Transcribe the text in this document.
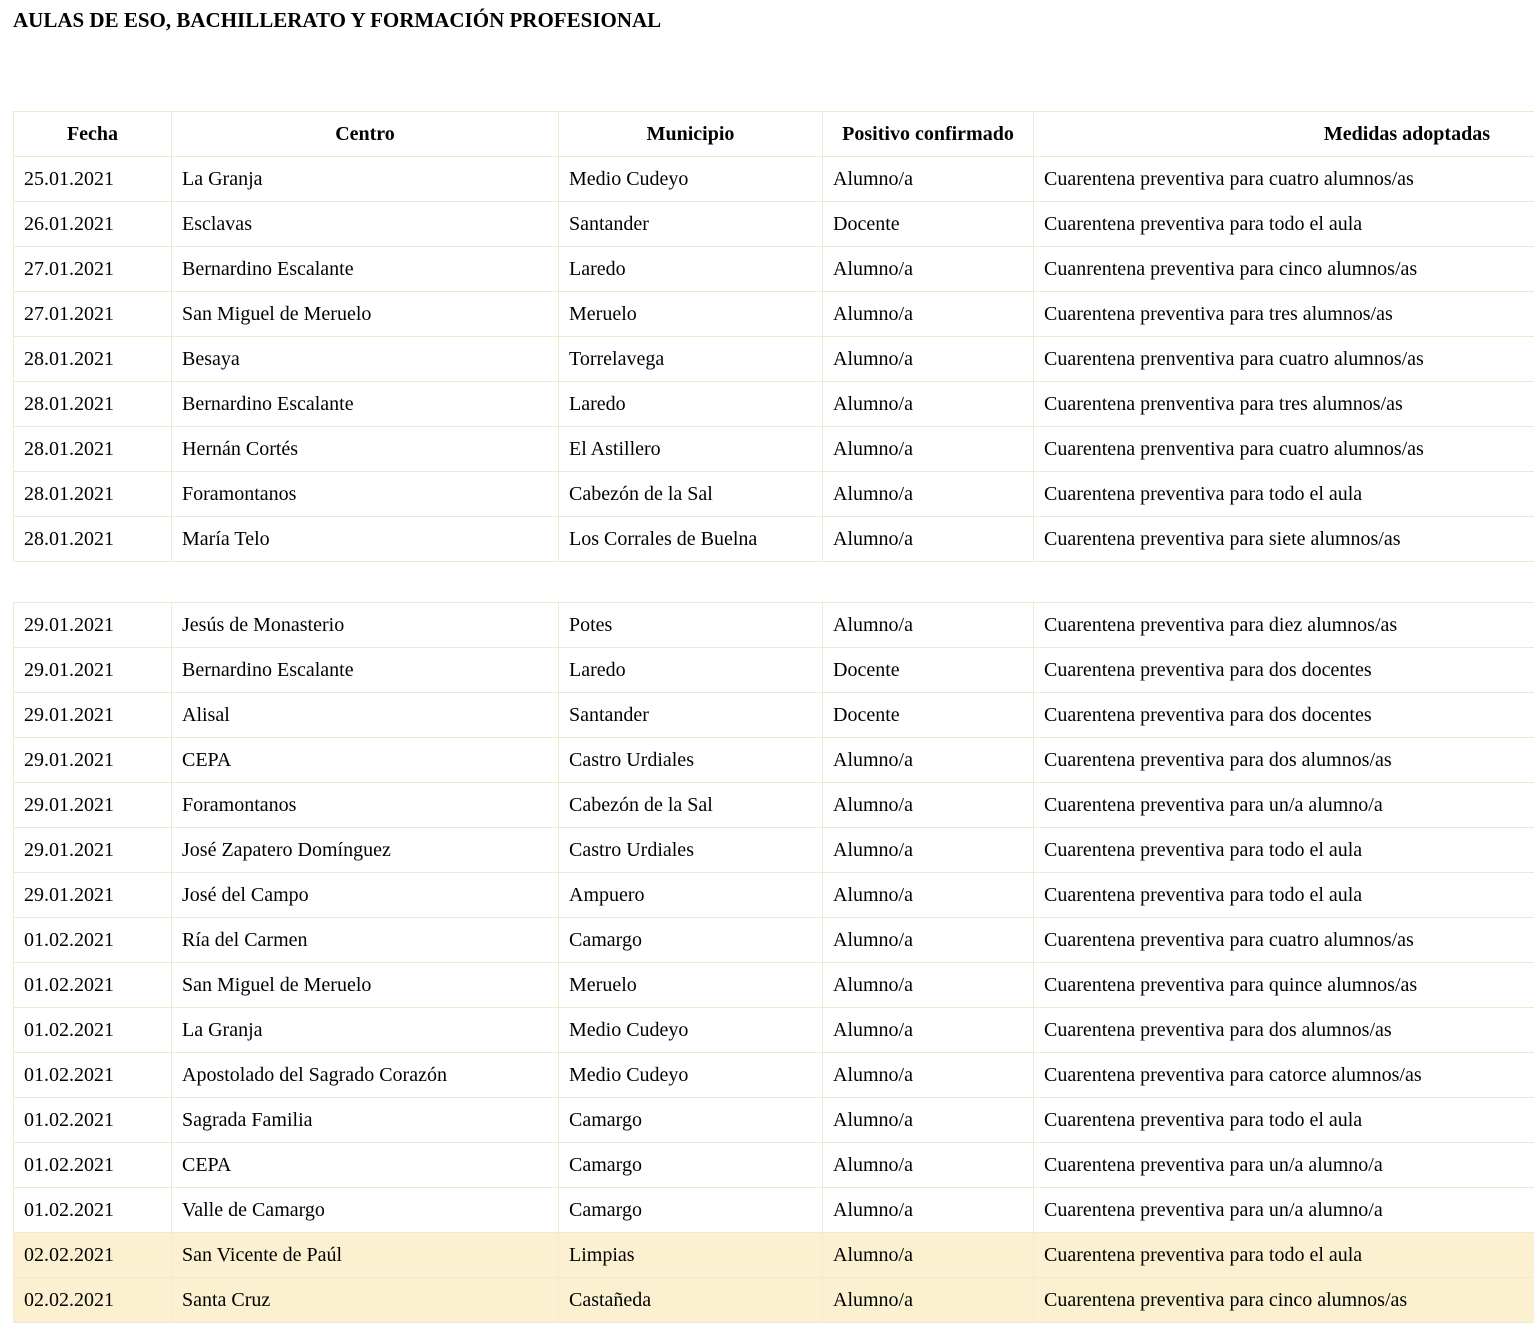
AULAS DE ESO, BACHILLERATO Y FORMACIÓN PROFESIONAL
Fecha	Centro	Municipio	Positivo confirmado	Medidas adoptadas
25.01.2021	La Granja	Medio Cudeyo	Alumno/a	Cuarentena preventiva para cuatro alumnos/as
26.01.2021	Esclavas	Santander	Docente	Cuarentena preventiva para todo el aula
27.01.2021	Bernardino Escalante	Laredo	Alumno/a	Cuanrentena preventiva para cinco alumnos/as
27.01.2021	San Miguel de Meruelo	Meruelo	Alumno/a	Cuarentena preventiva para tres alumnos/as
28.01.2021	Besaya	Torrelavega	Alumno/a	Cuarentena prenventiva para cuatro alumnos/as
28.01.2021	Bernardino Escalante	Laredo	Alumno/a	Cuarentena prenventiva para tres alumnos/as
28.01.2021	Hernán Cortés	El Astillero	Alumno/a	Cuarentena prenventiva para cuatro alumnos/as
28.01.2021	Foramontanos	Cabezón de la Sal	Alumno/a	Cuarentena preventiva para todo el aula
28.01.2021	María Telo	Los Corrales de Buelna	Alumno/a	Cuarentena preventiva para siete alumnos/as
29.01.2021	Jesús de Monasterio	Potes	Alumno/a	Cuarentena preventiva para diez alumnos/as
29.01.2021	Bernardino Escalante	Laredo	Docente	Cuarentena preventiva para dos docentes
29.01.2021	Alisal	Santander	Docente	Cuarentena preventiva para dos docentes
29.01.2021	CEPA	Castro Urdiales	Alumno/a	Cuarentena preventiva para dos alumnos/as
29.01.2021	Foramontanos	Cabezón de la Sal	Alumno/a	Cuarentena preventiva para un/a alumno/a
29.01.2021	José Zapatero Domínguez	Castro Urdiales	Alumno/a	Cuarentena preventiva para todo el aula
29.01.2021	José del Campo	Ampuero	Alumno/a	Cuarentena preventiva para todo el aula
01.02.2021	Ría del Carmen	Camargo	Alumno/a	Cuarentena preventiva para cuatro alumnos/as
01.02.2021	San Miguel de Meruelo	Meruelo	Alumno/a	Cuarentena preventiva para quince alumnos/as
01.02.2021	La Granja	Medio Cudeyo	Alumno/a	Cuarentena preventiva para dos alumnos/as
01.02.2021	Apostolado del Sagrado Corazón	Medio Cudeyo	Alumno/a	Cuarentena preventiva para catorce alumnos/as
01.02.2021	Sagrada Familia	Camargo	Alumno/a	Cuarentena preventiva para todo el aula
01.02.2021	CEPA	Camargo	Alumno/a	Cuarentena preventiva para un/a alumno/a
01.02.2021	Valle de Camargo	Camargo	Alumno/a	Cuarentena preventiva para un/a alumno/a
02.02.2021	San Vicente de Paúl	Limpias	Alumno/a	Cuarentena preventiva para todo el aula
02.02.2021	Santa Cruz	Castañeda	Alumno/a	Cuarentena preventiva para cinco alumnos/as
